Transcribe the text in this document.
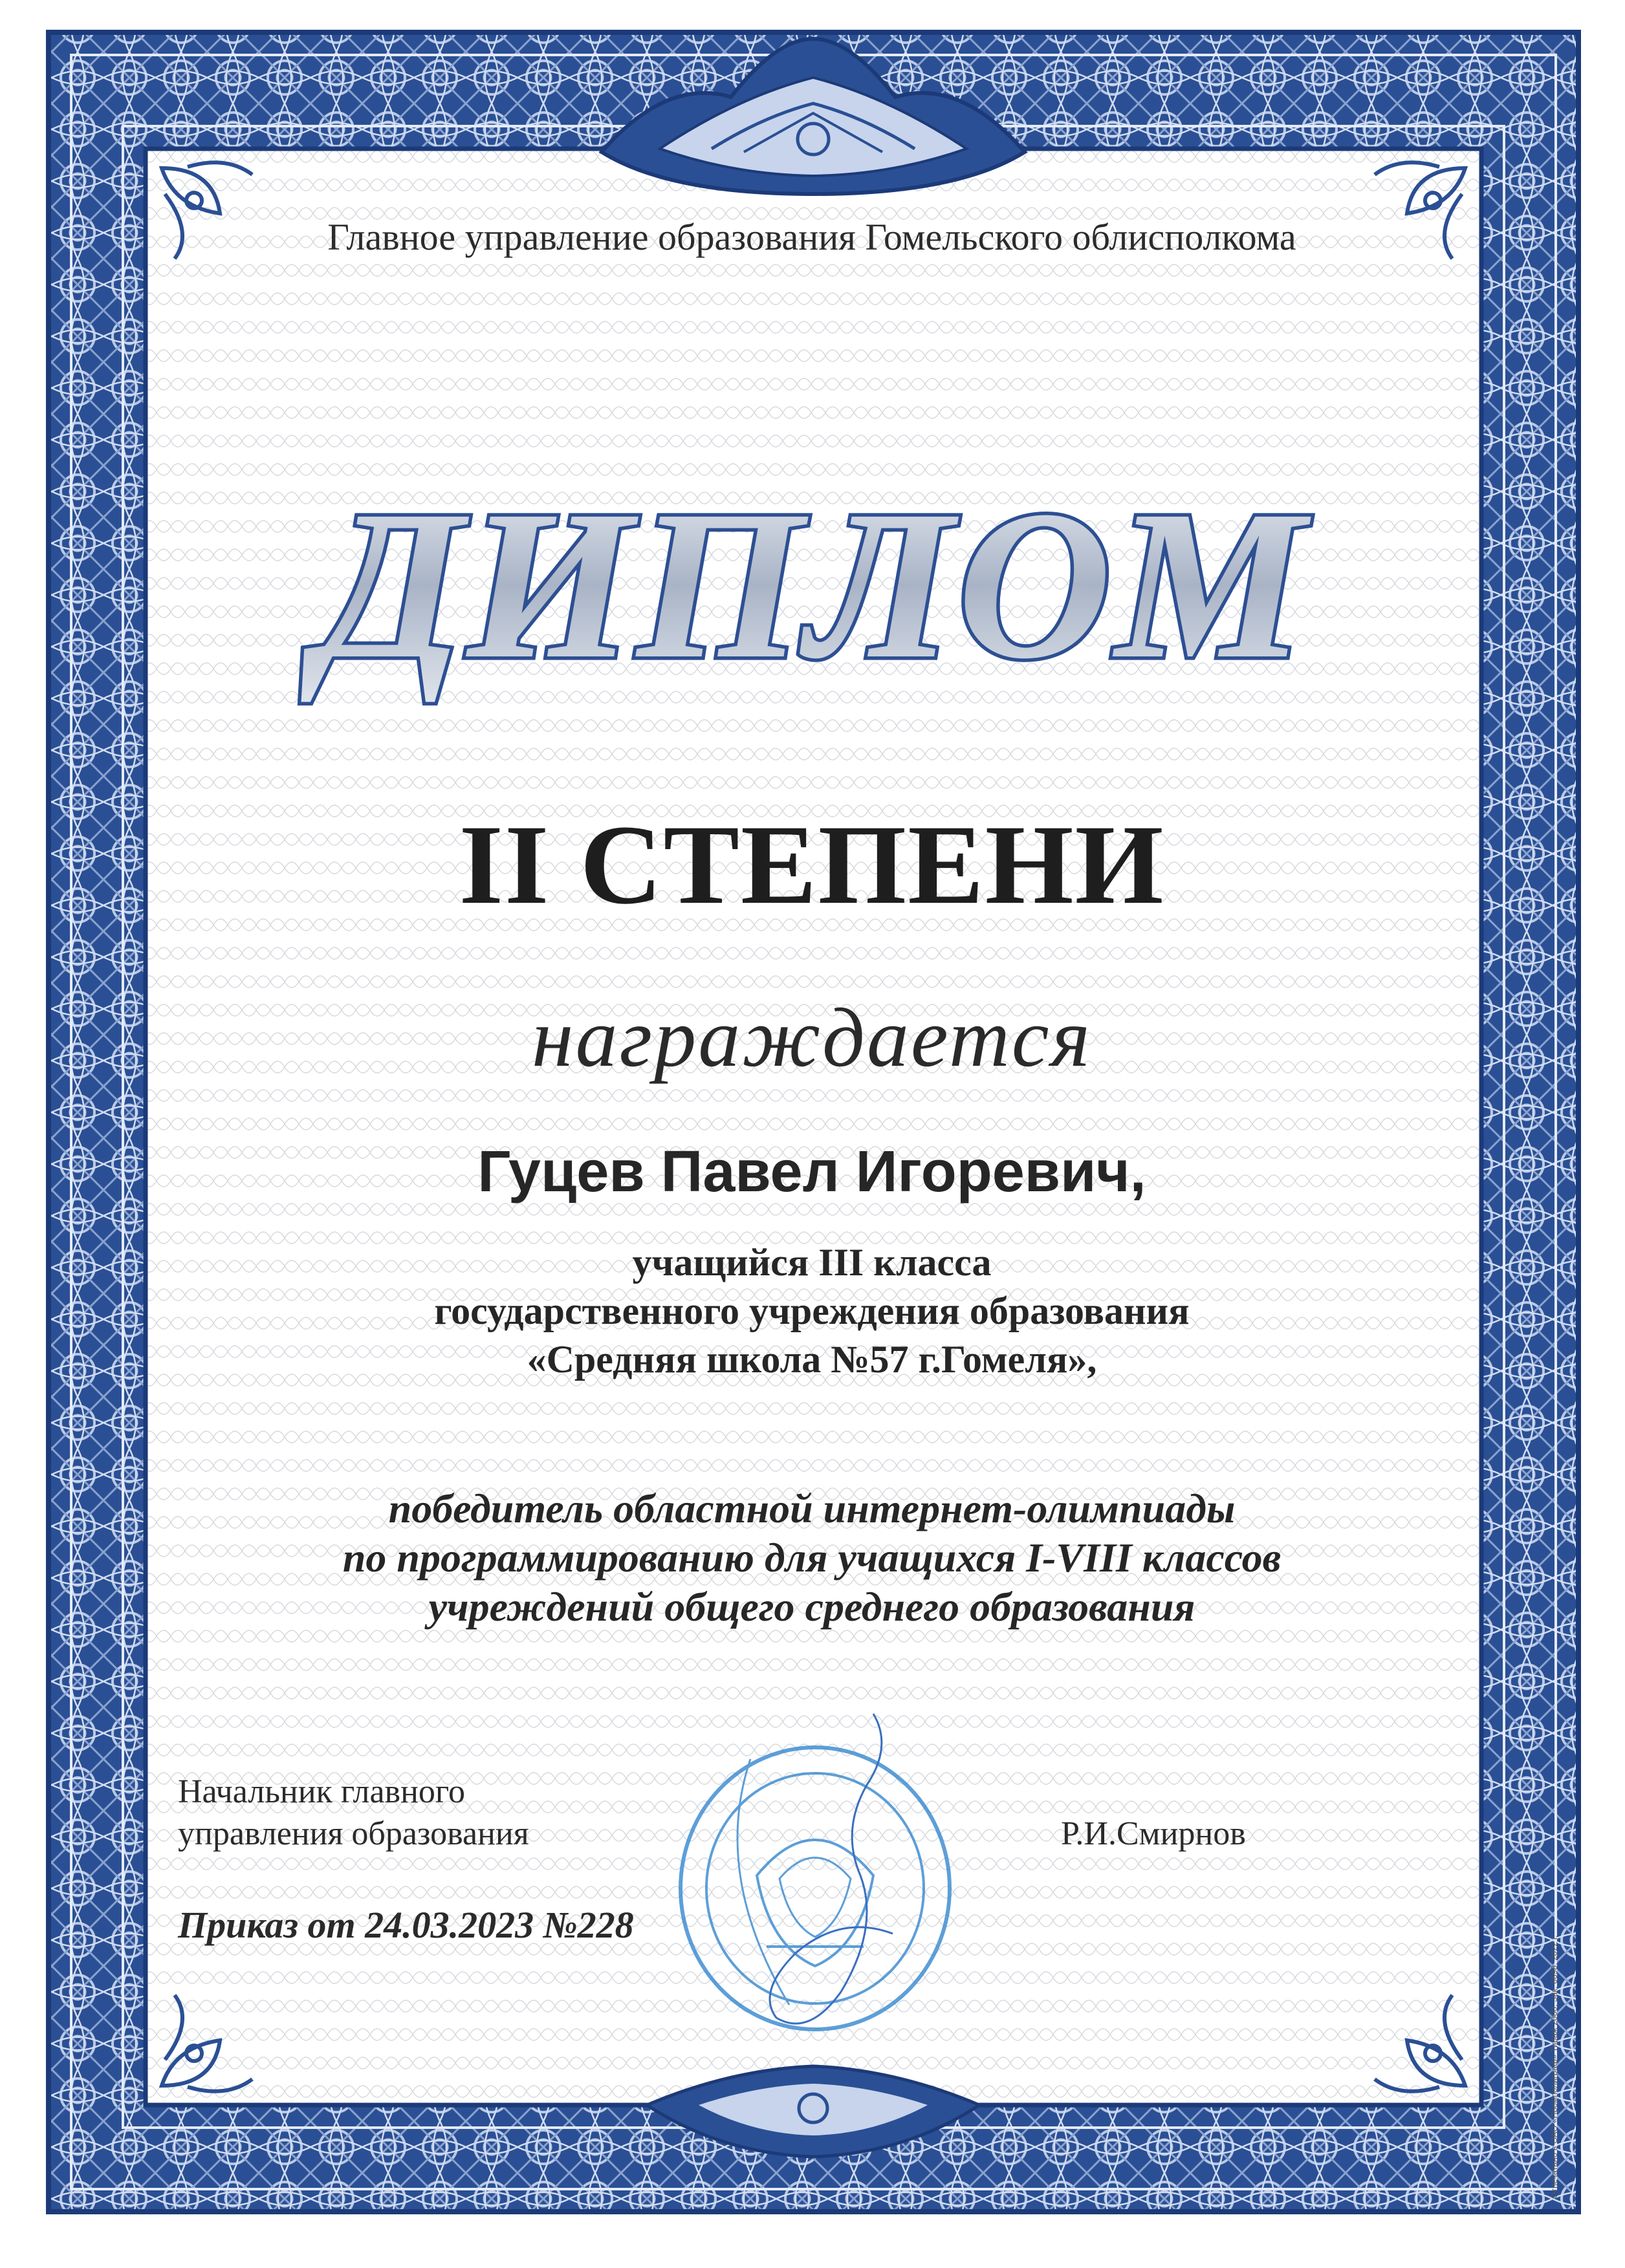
ДИПЛОМ

Главное управление образования Гомельского облисполкома

II СТЕПЕНИ

награждается

Гуцев Павел Игоревич,

учащийся III класса
государственного учреждения образования
«Средняя школа №57 г.Гомеля»,
победитель областной интернет-олимпиады
по программированию для учащихся I-VIII классов
учреждений общего среднего образования
Начальник главного
управления образования	Р.И.Смирнов

Приказ от 24.03.2023 №228

Отпечатано в ОАО «Промполиграф» Тираж 2000. Зак. 6698. 2022 г.
